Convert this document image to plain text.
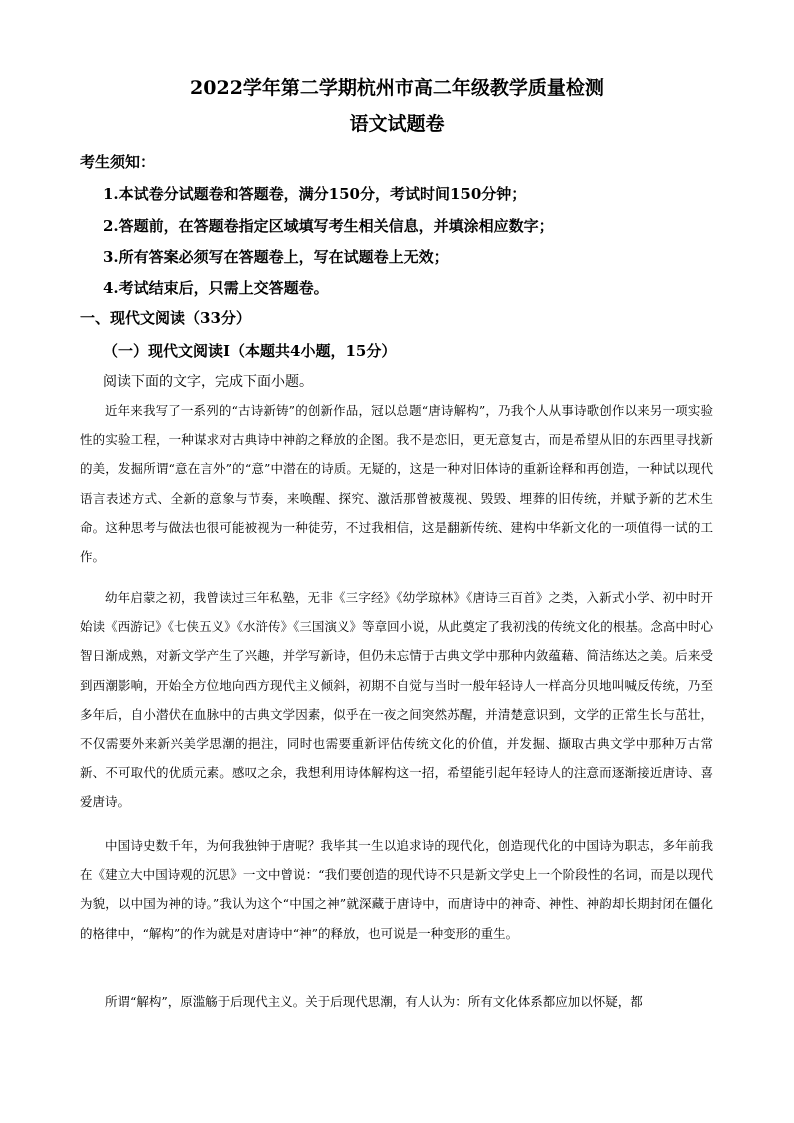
2022学年第二学期杭州市高二年级教学质量检测
语文试题卷
考生须知：
1.本试卷分试题卷和答题卷，满分150分，考试时间150分钟；
2.答题前，在答题卷指定区域填写考生相关信息，并填涂相应数字；
3.所有答案必须写在答题卷上，写在试题卷上无效；
4.考试结束后，只需上交答题卷。
一、现代文阅读（33分）
（一）现代文阅读Ⅰ（本题共4小题，15分）
阅读下面的文字，完成下面小题。

近年来我写了一系列的“古诗新铸”的创新作品，冠以总题“唐诗解构”，乃我个人从事诗歌创作以来另一项实验性的实验工程，一种谋求对古典诗中神韵之释放的企图。我不是恋旧，更无意复古，而是希望从旧的东西里寻找新的美，发掘所谓“意在言外”的“意”中潜在的诗质。无疑的，这是一种对旧体诗的重新诠释和再创造，一种试以现代语言表述方式、全新的意象与节奏，来唤醒、探究、激活那曾被蔑视、毁毁、埋葬的旧传统，并赋予新的艺术生命。这种思考与做法也很可能被视为一种徒劳，不过我相信，这是翻新传统、建构中华新文化的一项值得一试的工作。

幼年启蒙之初，我曾读过三年私塾，无非《三字经》《幼学琼林》《唐诗三百首》之类，入新式小学、初中时开始读《西游记》《七侠五义》《水浒传》《三国演义》等章回小说，从此奠定了我初浅的传统文化的根基。念高中时心智日渐成熟，对新文学产生了兴趣，并学写新诗，但仍未忘情于古典文学中那种内敛蕴藉、简洁练达之美。后来受到西潮影响，开始全方位地向西方现代主义倾斜，初期不自觉与当时一般年轻诗人一样高分贝地叫喊反传统，乃至多年后，自小潜伏在血脉中的古典文学因素，似乎在一夜之间突然苏醒，并清楚意识到，文学的正常生长与茁壮，不仅需要外来新兴美学思潮的挹注，同时也需要重新评估传统文化的价值，并发掘、撷取古典文学中那种万古常新、不可取代的优质元素。感叹之余，我想利用诗体解构这一招，希望能引起年轻诗人的注意而逐渐接近唐诗、喜爱唐诗。

中国诗史数千年，为何我独钟于唐呢？我毕其一生以追求诗的现代化，创造现代化的中国诗为职志，多年前我在《建立大中国诗观的沉思》一文中曾说：“我们要创造的现代诗不只是新文学史上一个阶段性的名词，而是以现代为貌，以中国为神的诗。”我认为这个“中国之神”就深藏于唐诗中，而唐诗中的神奇、神性、神韵却长期封闭在僵化的格律中，“解构”的作为就是对唐诗中“神”的释放，也可说是一种变形的重生。

所谓“解构”，原滥觞于后现代主义。关于后现代思潮，有人认为：所有文化体系都应加以怀疑，都
